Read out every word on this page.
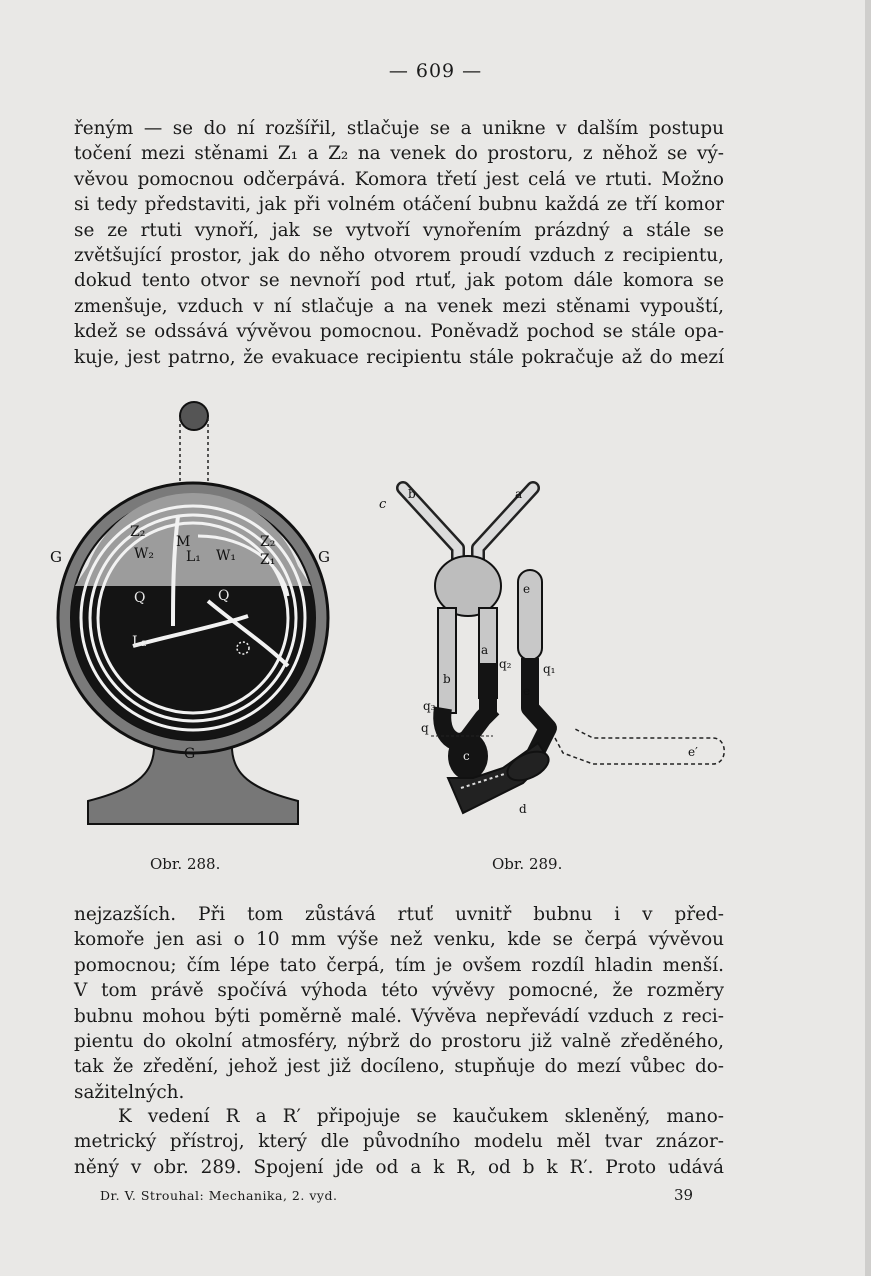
— 609 —

řeným — se do ní rozšířil, stlačuje se a unikne v dalším postupu
točení mezi stěnami Z₁ a Z₂ na venek do prostoru, z něhož se vý-
věvou pomocnou odčerpává. Komora třetí jest celá ve rtuti. Možno
si tedy představiti, jak při volném otáčení bubnu každá ze tří komor
se ze rtuti vynoří, jak se vytvoří vynořením prázdný a stále se
zvětšující prostor, jak do něho otvorem proudí vzduch z recipientu,
dokud tento otvor se nevnoří pod rtuť, jak potom dále komora se
zmenšuje, vzduch v ní stlačuje a na venek mezi stěnami vypouští,
kdež se odssává vývěvou pomocnou. Poněvadž pochod se stále opa-
kuje, jest patrno, že evakuace recipientu stále pokračuje až do mezí

G	G
G
Z₂
M	Z₂
W₂ L₁ W₁ Z₁
Q	Q
L₂
c
b	a
e
a
q₂
e
q₁
b
q₃
q
c
d
e′
Obr. 288.	Obr. 289.

nejzazších. Při tom zůstává rtuť uvnitř bubnu i v před-
komoře jen asi o 10 mm výše než venku, kde se čerpá vývěvou
pomocnou; čím lépe tato čerpá, tím je ovšem rozdíl hladin menší.
V tom právě spočívá výhoda této vývěvy pomocné, že rozměry
bubnu mohou býti poměrně malé. Vývěva nepřevádí vzduch z reci-
pientu do okolní atmosféry, nýbrž do prostoru již valně zředěného,
tak že zředění, jehož jest již docíleno, stupňuje do mezí vůbec do-
sažitelných.

K vedení R a R′ připojuje se kaučukem skleněný, mano-
metrický přístroj, který dle původního modelu měl tvar znázor-
něný v obr. 289. Spojení jde od a k R, od b k R′. Proto udává

Dr. V. Strouhal: Mechanika, 2. vyd.	39
